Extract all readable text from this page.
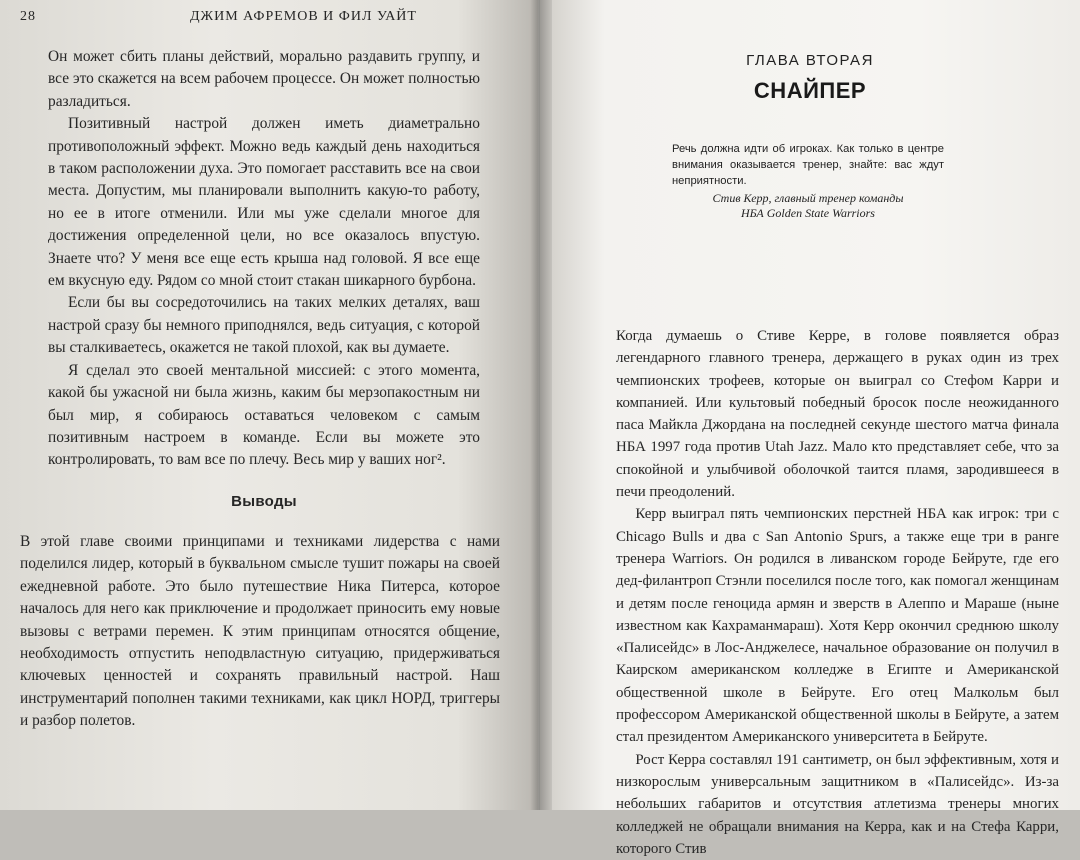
28	ДЖИМ АФРЕМОВ И ФИЛ УАЙТ

Он может сбить планы действий, морально раздавить группу, и все это скажется на всем рабочем процессе. Он может полностью разладиться.

Позитивный настрой должен иметь диаметрально противоположный эффект. Можно ведь каждый день находиться в таком расположении духа. Это помогает расставить все на свои места. Допустим, мы планировали выполнить какую-то работу, но ее в итоге отменили. Или мы уже сделали многое для достижения определенной цели, но все оказалось впустую. Знаете что? У меня все еще есть крыша над головой. Я все еще ем вкусную еду. Рядом со мной стоит стакан шикарного бурбона.

Если бы вы сосредоточились на таких мелких деталях, ваш настрой сразу бы немного приподнялся, ведь ситуация, с которой вы сталкиваетесь, окажется не такой плохой, как вы думаете.

Я сделал это своей ментальной миссией: с этого момента, какой бы ужасной ни была жизнь, каким бы мерзопакостным ни был мир, я собираюсь оставаться человеком с самым позитивным настроем в команде. Если вы можете это контролировать, то вам все по плечу. Весь мир у ваших ног².

Выводы

В этой главе своими принципами и техниками лидерства с нами поделился лидер, который в буквальном смысле тушит пожары на своей ежедневной работе. Это было путешествие Ника Питерса, которое началось для него как приключение и продолжает приносить ему новые вызовы с ветрами перемен. К этим принципам относятся общение, необходимость отпустить неподвластную ситуацию, придерживаться ключевых ценностей и сохранять правильный настрой. Наш инструментарий пополнен такими техниками, как цикл НОРД, триггеры и разбор полетов.

ГЛАВА ВТОРАЯ
СНАЙПЕР

Речь должна идти об игроках. Как только в центре внимания оказывается тренер, знайте: вас ждут неприятности.

Стив Керр, главный тренер команды
НБА Golden State Warriors

Когда думаешь о Стиве Керре, в голове появляется образ легендарного главного тренера, держащего в руках один из трех чемпионских трофеев, которые он выиграл со Стефом Карри и компанией. Или культовый победный бросок после неожиданного паса Майкла Джордана на последней секунде шестого матча финала НБА 1997 года против Utah Jazz. Мало кто представляет себе, что за спокойной и улыбчивой оболочкой таится пламя, зародившееся в печи преодолений.

Керр выиграл пять чемпионских перстней НБА как игрок: три с Chicago Bulls и два с San Antonio Spurs, а также еще три в ранге тренера Warriors. Он родился в ливанском городе Бейруте, где его дед-филантроп Стэнли поселился после того, как помогал женщинам и детям после геноцида армян и зверств в Алеппо и Мараше (ныне известном как Кахраманмараш). Хотя Керр окончил среднюю школу «Палисейдс» в Лос-Анджелесе, начальное образование он получил в Каирском американском колледже в Египте и Американской общественной школе в Бейруте. Его отец Малкольм был профессором Американской общественной школы в Бейруте, а затем стал президентом Американского университета в Бейруте.

Рост Керра составлял 191 сантиметр, он был эффективным, хотя и низкорослым универсальным защитником в «Палисейдс». Из-за небольших габаритов и отсутствия атлетизма тренеры многих колледжей не обращали внимания на Керра, как и на Стефа Карри, которого Стив
